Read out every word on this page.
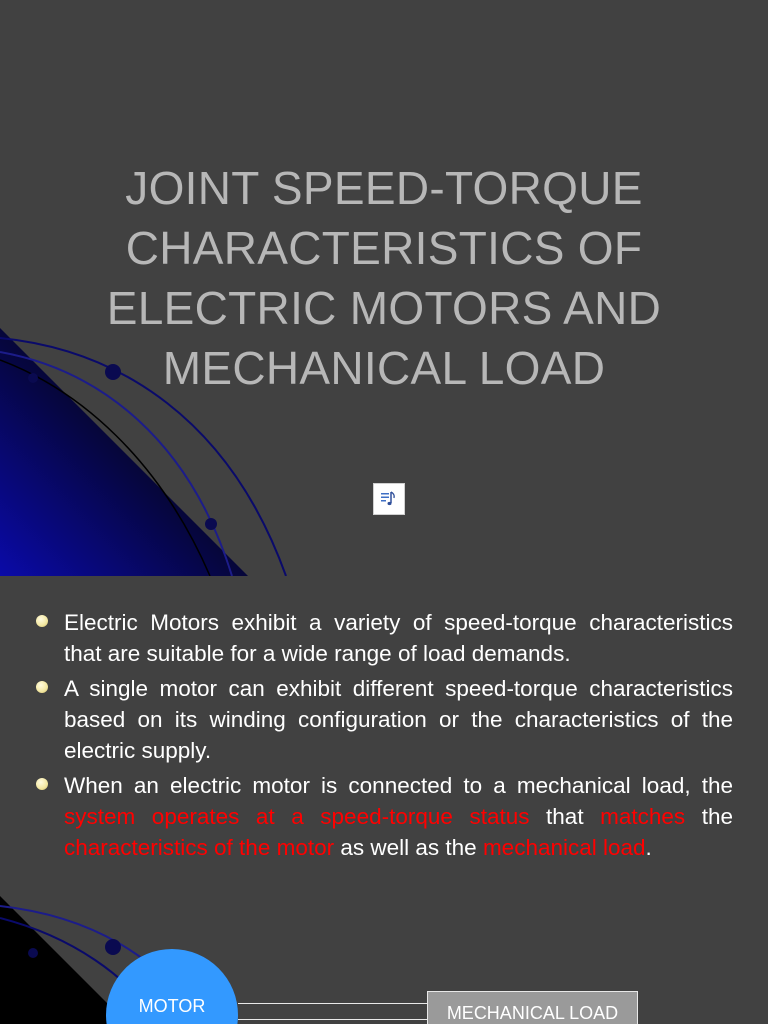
JOINT SPEED-TORQUE
CHARACTERISTICS OF
ELECTRIC MOTORS AND
MECHANICAL LOAD
Electric Motors exhibit a variety of speed-torque characteristics that are suitable for a wide range of load demands.
A single motor can exhibit different speed-torque characteristics based on its winding configuration or the characteristics of the electric supply.
When an electric motor is connected to a mechanical load, the system operates at a speed-torque status that matches the characteristics of the motor as well as the mechanical load.
MOTOR	MECHANICAL LOAD
